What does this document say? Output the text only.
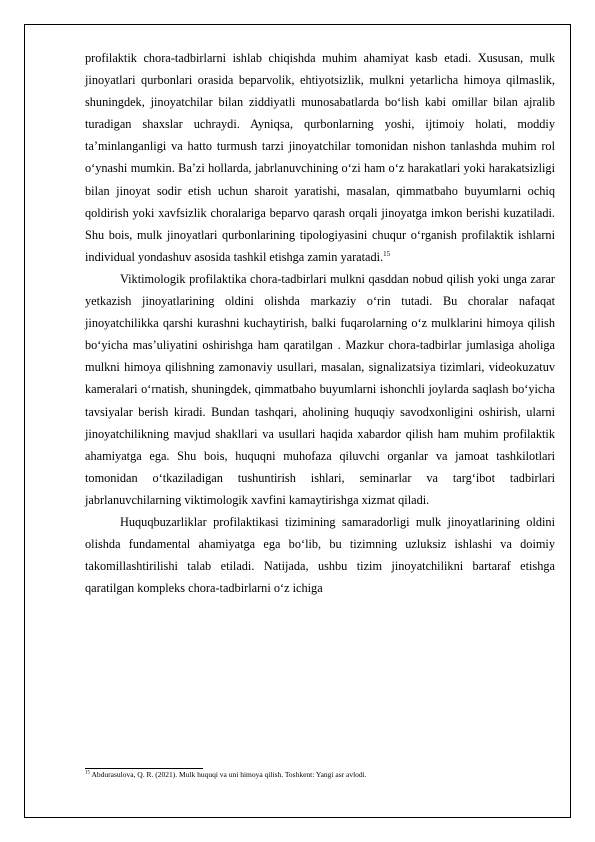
profilaktik chora-tadbirlarni ishlab chiqishda muhim ahamiyat kasb etadi. Xususan, mulk jinoyatlari qurbonlari orasida beparvolik, ehtiyotsizlik, mulkni yetarlicha himoya qilmaslik, shuningdek, jinoyatchilar bilan ziddiyatli munosabatlarda bo‘lish kabi omillar bilan ajralib turadigan shaxslar uchraydi. Ayniqsa, qurbonlarning yoshi, ijtimoiy holati, moddiy ta’minlanganligi va hatto turmush tarzi jinoyatchilar tomonidan nishon tanlashda muhim rol o‘ynashi mumkin. Ba’zi hollarda, jabrlanuvchining o‘zi ham o‘z harakatlari yoki harakatsizligi bilan jinoyat sodir etish uchun sharoit yaratishi, masalan, qimmatbaho buyumlarni ochiq qoldirish yoki xavfsizlik choralariga beparvo qarash orqali jinoyatga imkon berishi kuzatiladi. Shu bois, mulk jinoyatlari qurbonlarining tipologiyasini chuqur o‘rganish profilaktik ishlarni individual yondashuv asosida tashkil etishga zamin yaratadi.$^{15}$

Viktimologik profilaktika chora-tadbirlari mulkni qasddan nobud qilish yoki unga zarar yetkazish jinoyatlarining oldini olishda markaziy o‘rin tutadi. Bu choralar nafaqat jinoyatchilikka qarshi kurashni kuchaytirish, balki fuqarolarning o‘z mulklarini himoya qilish bo‘yicha mas’uliyatini oshirishga ham qaratilgan . Mazkur chora-tadbirlar jumlasiga aholiga mulkni himoya qilishning zamonaviy usullari, masalan, signalizatsiya tizimlari, videokuzatuv kameralari o‘rnatish, shuningdek, qimmatbaho buyumlarni ishonchli joylarda saqlash bo‘yicha tavsiyalar berish kiradi. Bundan tashqari, aholining huquqiy savodxonligini oshirish, ularni jinoyatchilikning mavjud shakllari va usullari haqida xabardor qilish ham muhim profilaktik ahamiyatga ega. Shu bois, huquqni muhofaza qiluvchi organlar va jamoat tashkilotlari tomonidan o‘tkaziladigan tushuntirish ishlari, seminarlar va targ‘ibot tadbirlari jabrlanuvchilarning viktimologik xavfini kamaytirishga xizmat qiladi.

Huquqbuzarliklar profilaktikasi tizimining samaradorligi mulk jinoyatlarining oldini olishda fundamental ahamiyatga ega bo‘lib, bu tizimning uzluksiz ishlashi va doimiy takomillashtirilishi talab etiladi. Natijada, ushbu tizim jinoyatchilikni bartaraf etishga qaratilgan kompleks chora-tadbirlarni o‘z ichiga

$^{15}$ Abdurasulova, Q. R. (2021). Mulk huquqi va uni himoya qilish. Toshkent: Yangi asr avlodi.
